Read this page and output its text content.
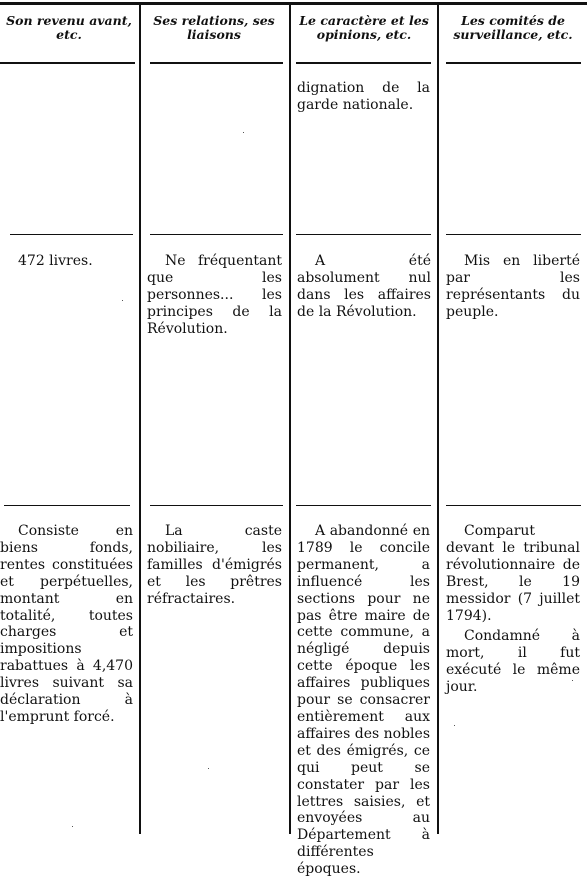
Son revenu avant, etc.
Ses relations, ses liaisons
Le caractère et les opinions, etc.
Les comités de surveillance, etc.

dignation de la garde nationale.

472 livres.	Ne fréquentant que les personnes... les principes de la Révolution.

A été absolument nul dans les affaires de la Révolution.

Mis en liberté par les représentants du peuple.

Consiste en biens fonds, rentes constituées et perpétuelles, montant en totalité, toutes charges et impositions rabattues à 4,470 livres suivant sa déclaration à l'emprunt forcé.

La caste nobiliaire, les familles d'émigrés et les prêtres réfractaires.

A abandonné en 1789 le concile permanent, a influencé les sections pour ne pas être maire de cette commune, a négligé depuis cette époque les affaires publiques pour se consacrer entièrement aux affaires des nobles et des émigrés, ce qui peut se constater par les lettres saisies, et envoyées au Département à différentes époques.

Comparut devant le tribunal révolutionnaire de Brest, le 19 messidor (7 juillet 1794).

Condamné à mort, il fut exécuté le même jour.
